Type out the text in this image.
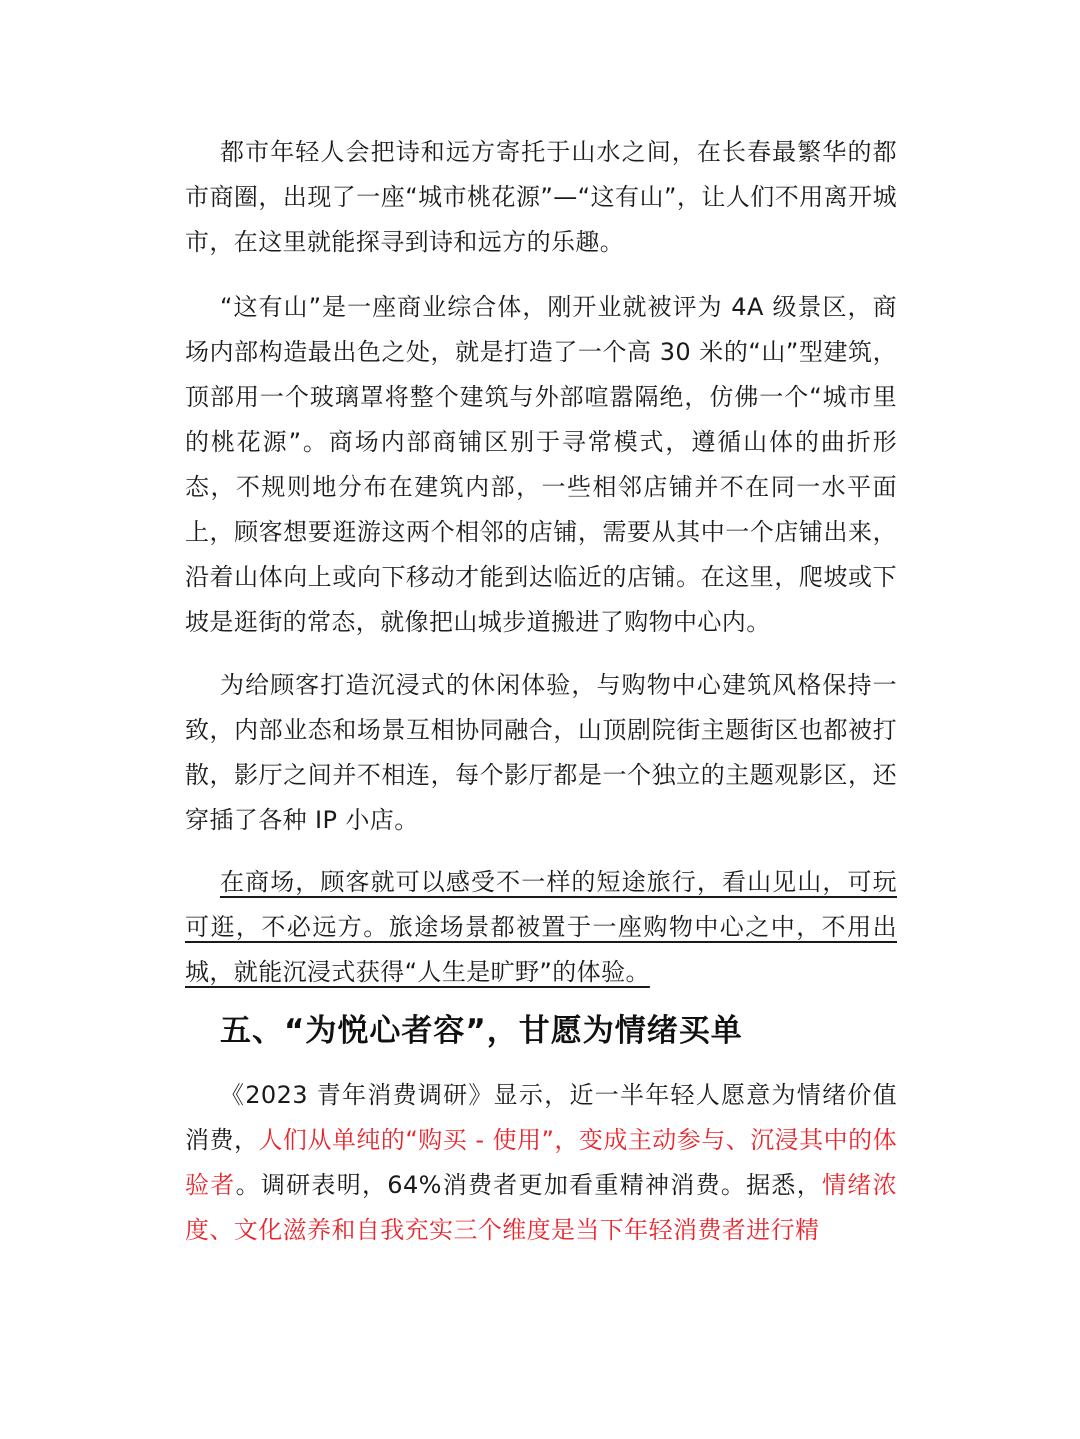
都市年轻人会把诗和远方寄托于山水之间，在长春最繁华的都市商圈，出现了一座“城市桃花源”—“这有山”，让人们不用离开城市，在这里就能探寻到诗和远方的乐趣。

“这有山”是一座商业综合体，刚开业就被评为 4A 级景区，商场内部构造最出色之处，就是打造了一个高 30 米的“山”型建筑，顶部用一个玻璃罩将整个建筑与外部喧嚣隔绝，仿佛一个“城市里的桃花源”。商场内部商铺区别于寻常模式，遵循山体的曲折形态，不规则地分布在建筑内部，一些相邻店铺并不在同一水平面上，顾客想要逛游这两个相邻的店铺，需要从其中一个店铺出来，沿着山体向上或向下移动才能到达临近的店铺。在这里，爬坡或下坡是逛街的常态，就像把山城步道搬进了购物中心内。

为给顾客打造沉浸式的休闲体验，与购物中心建筑风格保持一致，内部业态和场景互相协同融合，山顶剧院街主题街区也都被打散，影厅之间并不相连，每个影厅都是一个独立的主题观影区，还穿插了各种 IP 小店。

在商场，顾客就可以感受不一样的短途旅行，看山见山，可玩可逛，不必远方。旅途场景都被置于一座购物中心之中，不用出城，就能沉浸式获得“人生是旷野”的体验。

五、“为悦心者容”，甘愿为情绪买单

《2023 青年消费调研》显示，近一半年轻人愿意为情绪价值消费，人们从单纯的“购买 - 使用”，变成主动参与、沉浸其中的体验者。调研表明，64%消费者更加看重精神消费。据悉，情绪浓度、文化滋养和自我充实三个维度是当下年轻消费者进行精
